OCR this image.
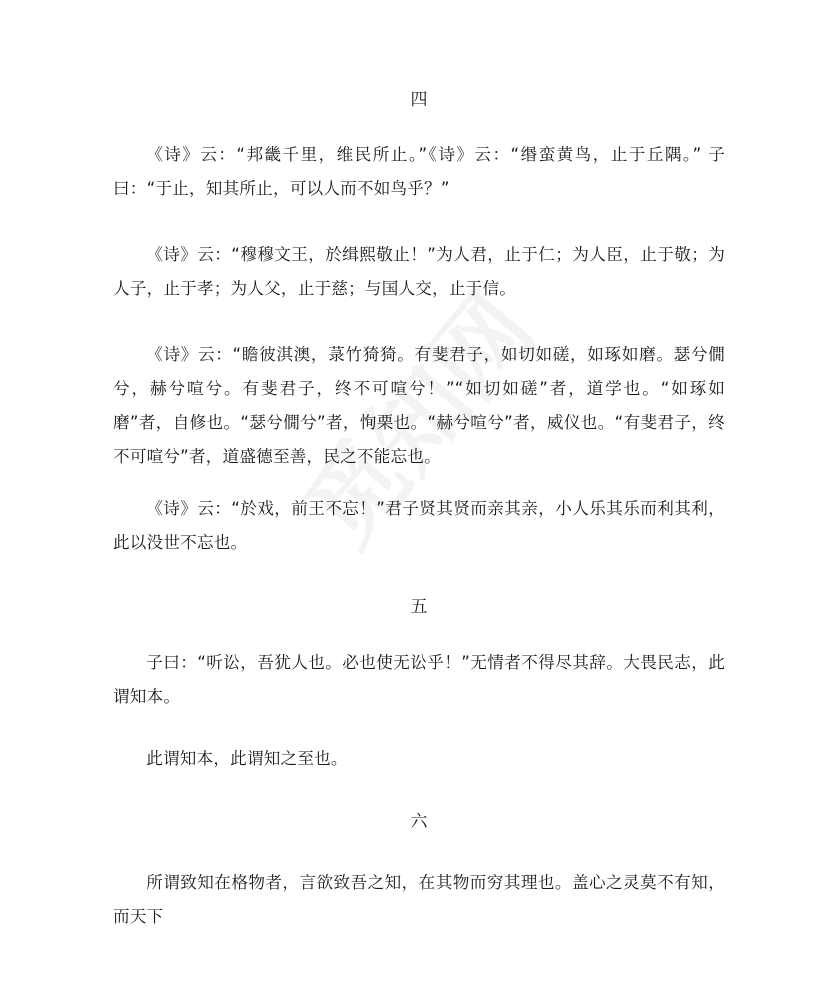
四

《诗》云：“邦畿千里，维民所止。”《诗》云：“缗蛮黄鸟，止于丘隅。” 子曰：“于止，知其所止，可以人而不如鸟乎？”

《诗》云：“穆穆文王，於缉熙敬止！”为人君，止于仁；为人臣，止于敬；为人子，止于孝；为人父，止于慈；与国人交，止于信。

《诗》云：“瞻彼淇澳，菉竹猗猗。有斐君子，如切如磋，如琢如磨。瑟兮僩兮，赫兮喧兮。有斐君子，终不可喧兮！”“如切如磋”者，道学也。“如琢如磨”者，自修也。“瑟兮僩兮”者，恂栗也。“赫兮喧兮”者，威仪也。“有斐君子，终不可喧兮”者，道盛德至善，民之不能忘也。

《诗》云：“於戏，前王不忘！”君子贤其贤而亲其亲，小人乐其乐而利其利，此以没世不忘也。

五

子曰：“听讼，吾犹人也。必也使无讼乎！”无情者不得尽其辞。大畏民志，此谓知本。

此谓知本，此谓知之至也。

六

所谓致知在格物者，言欲致吾之知，在其物而穷其理也。盖心之灵莫不有知，而天下
